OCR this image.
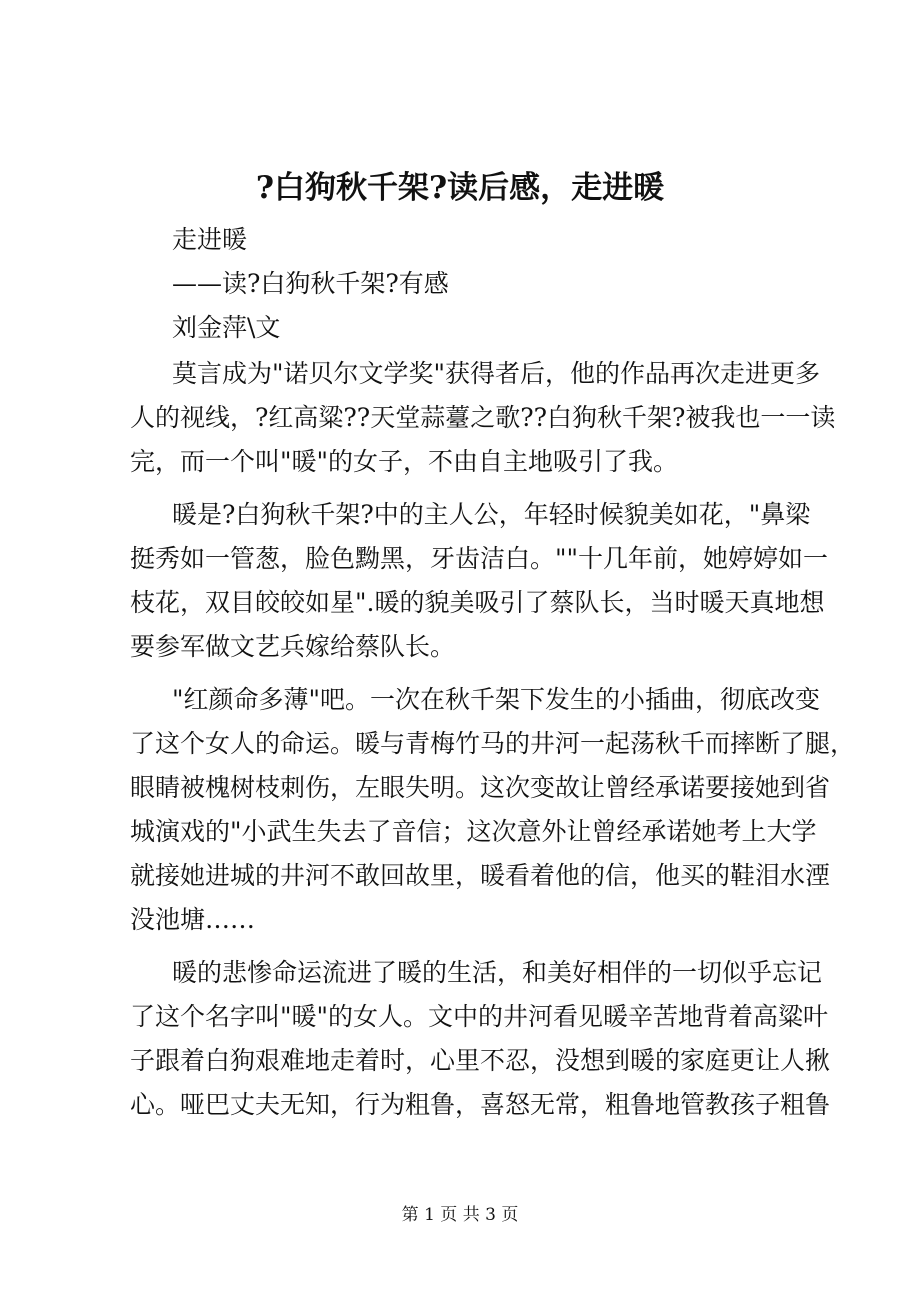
?白狗秋千架?读后感，走进暖
走进暖
——读?白狗秋千架?有感
刘金萍\文
莫言成为"诺贝尔文学奖"获得者后，他的作品再次走进更多
人的视线，?红高粱??天堂蒜薹之歌??白狗秋千架?被我也一一读
完，而一个叫"暖"的女子，不由自主地吸引了我。
暖是?白狗秋千架?中的主人公，年轻时候貌美如花，"鼻梁
挺秀如一管葱，脸色黝黑，牙齿洁白。""十几年前，她婷婷如一
枝花，双目皎皎如星".暖的貌美吸引了蔡队长，当时暖天真地想
要参军做文艺兵嫁给蔡队长。
"红颜命多薄"吧。一次在秋千架下发生的小插曲，彻底改变
了这个女人的命运。暖与青梅竹马的井河一起荡秋千而摔断了腿，
眼睛被槐树枝刺伤，左眼失明。这次变故让曾经承诺要接她到省
城演戏的"小武生失去了音信；这次意外让曾经承诺她考上大学
就接她进城的井河不敢回故里，暖看着他的信，他买的鞋泪水湮
没池塘……
暖的悲惨命运流进了暖的生活，和美好相伴的一切似乎忘记
了这个名字叫"暖"的女人。文中的井河看见暖辛苦地背着高粱叶
子跟着白狗艰难地走着时，心里不忍，没想到暖的家庭更让人揪
心。哑巴丈夫无知，行为粗鲁，喜怒无常，粗鲁地管教孩子粗鲁
第 1 页 共 3 页
